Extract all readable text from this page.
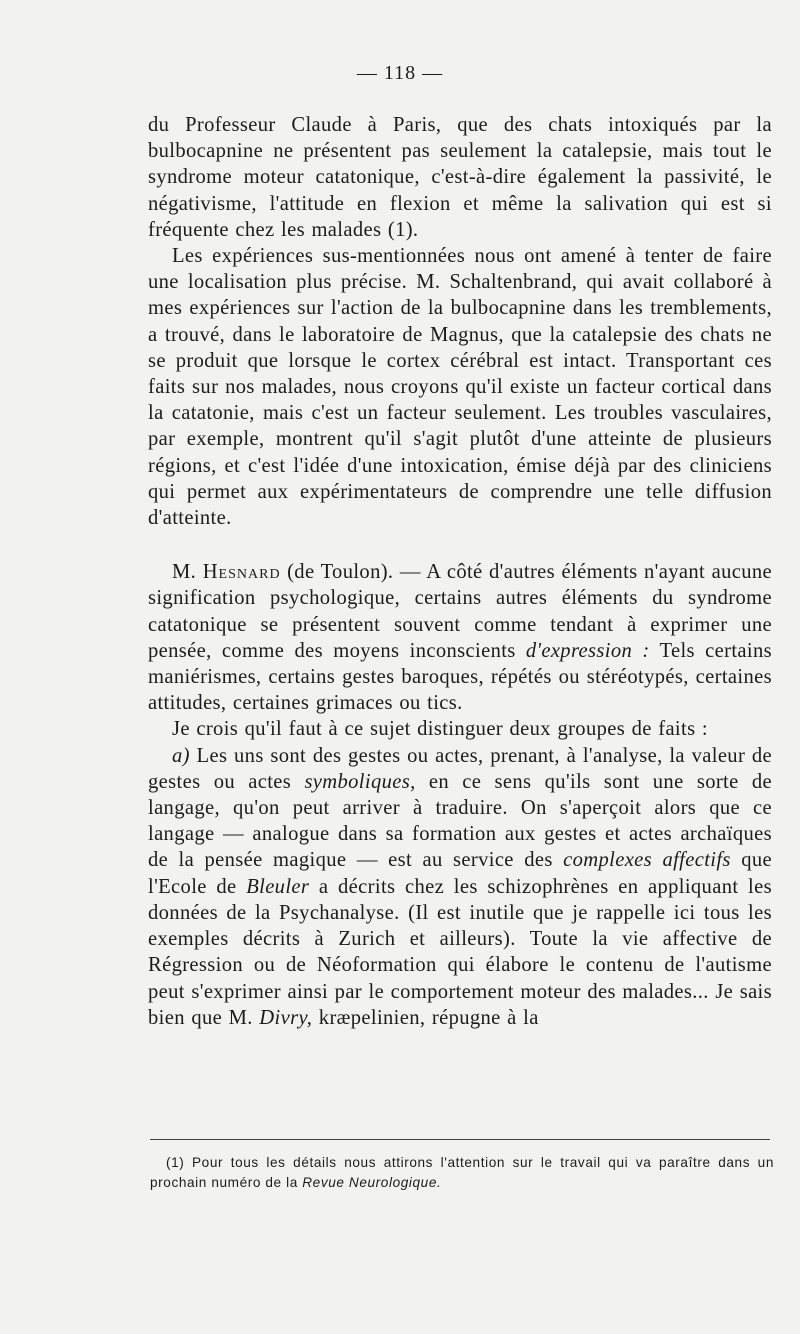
— 118 —

du Professeur Claude à Paris, que des chats intoxiqués par la bulbocapnine ne présentent pas seulement la catalepsie, mais tout le syndrome moteur catatonique, c'est-à-dire également la passivité, le négativisme, l'attitude en flexion et même la salivation qui est si fréquente chez les malades (1).

Les expériences sus-mentionnées nous ont amené à tenter de faire une localisation plus précise. M. Schaltenbrand, qui avait collaboré à mes expériences sur l'action de la bulbocapnine dans les tremblements, a trouvé, dans le laboratoire de Magnus, que la catalepsie des chats ne se produit que lorsque le cortex cérébral est intact. Transportant ces faits sur nos malades, nous croyons qu'il existe un facteur cortical dans la catatonie, mais c'est un facteur seulement. Les troubles vasculaires, par exemple, montrent qu'il s'agit plutôt d'une atteinte de plusieurs régions, et c'est l'idée d'une intoxication, émise déjà par des cliniciens qui permet aux expérimentateurs de comprendre une telle diffusion d'atteinte.

M. Hesnard (de Toulon). — A côté d'autres éléments n'ayant aucune signification psychologique, certains autres éléments du syndrome catatonique se présentent souvent comme tendant à exprimer une pensée, comme des moyens inconscients d'expression : Tels certains maniérismes, certains gestes baroques, répétés ou stéréotypés, certaines attitudes, certaines grimaces ou tics.

Je crois qu'il faut à ce sujet distinguer deux groupes de faits :

a) Les uns sont des gestes ou actes, prenant, à l'analyse, la valeur de gestes ou actes symboliques, en ce sens qu'ils sont une sorte de langage, qu'on peut arriver à traduire. On s'aperçoit alors que ce langage — analogue dans sa formation aux gestes et actes archaïques de la pensée magique — est au service des complexes affectifs que l'Ecole de Bleuler a décrits chez les schizophrènes en appliquant les données de la Psychanalyse. (Il est inutile que je rappelle ici tous les exemples décrits à Zurich et ailleurs). Toute la vie affective de Régression ou de Néoformation qui élabore le contenu de l'autisme peut s'exprimer ainsi par le comportement moteur des malades... Je sais bien que M. Divry, kræpelinien, répugne à la

(1) Pour tous les détails nous attirons l'attention sur le travail qui va paraître dans un prochain numéro de la Revue Neurologique.
